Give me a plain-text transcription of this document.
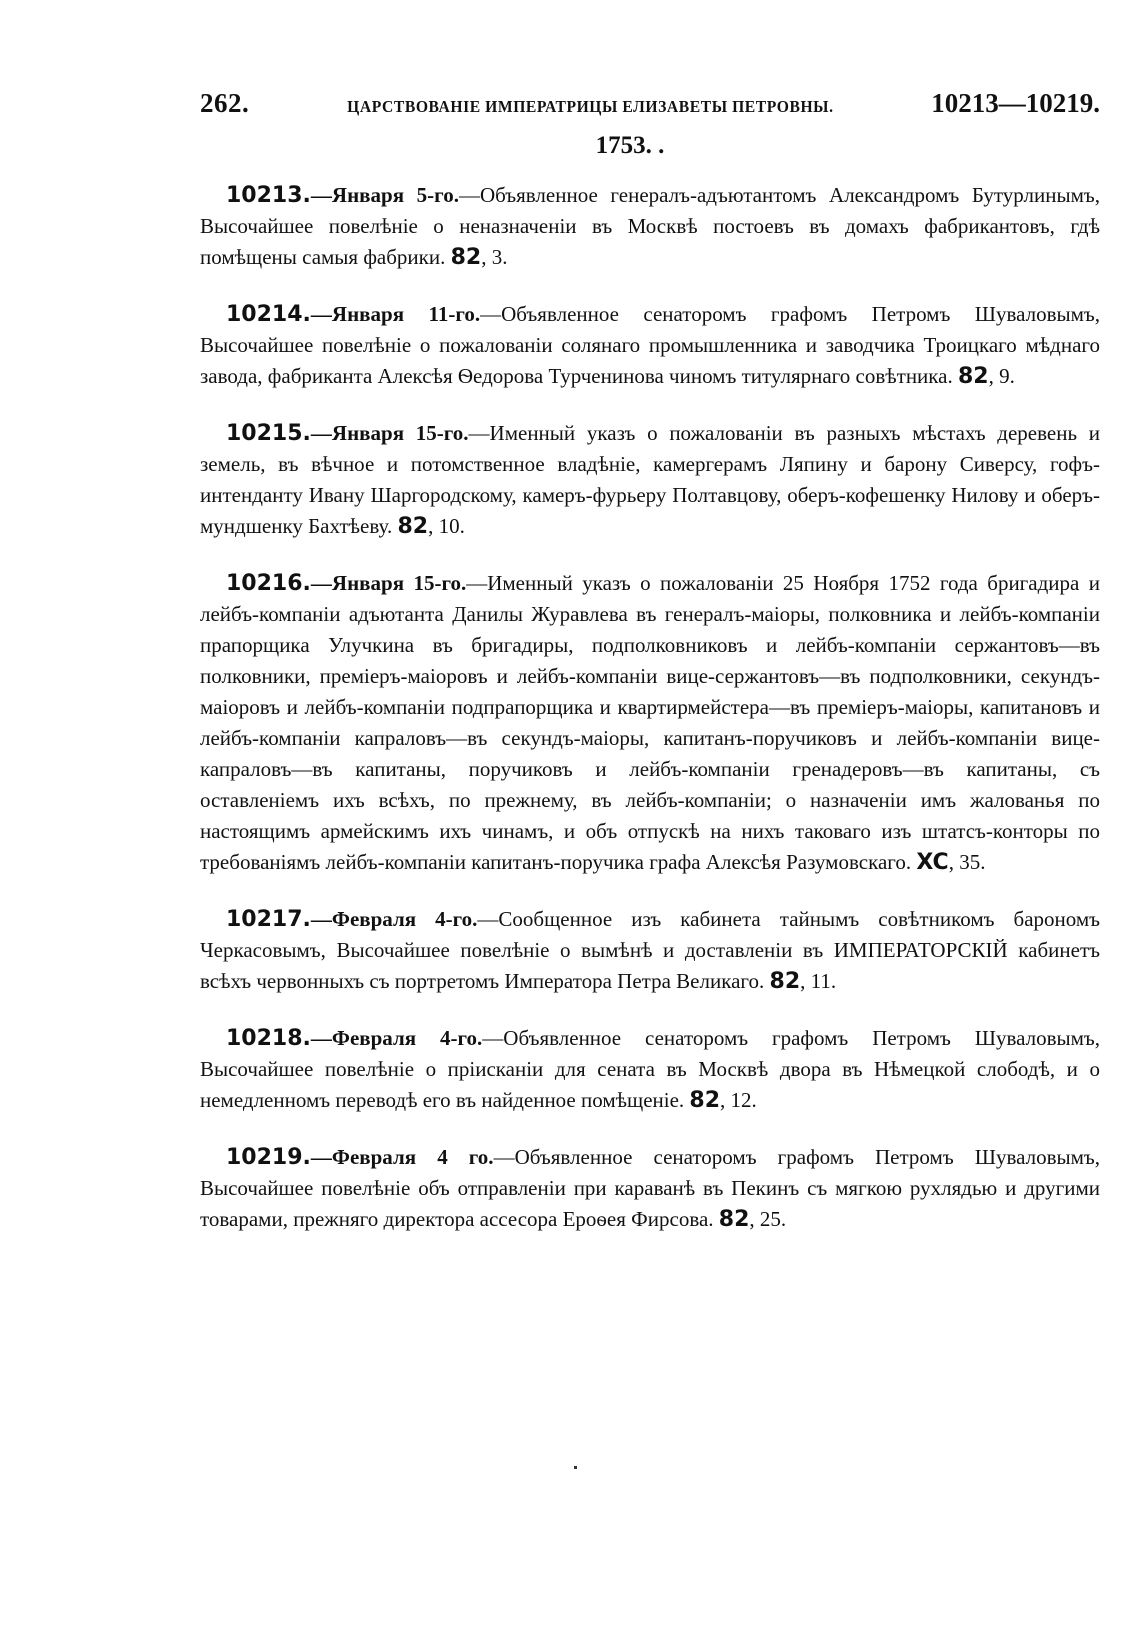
262.	ЦАРСТВОВАНІЕ ИМПЕРАТРИЦЫ ЕЛИЗАВЕТЫ ПЕТРОВНЫ.	10213—10219.
1753. .

10213.—Января 5-го.—Объявленное генералъ-адъютантомъ Александромъ Бутурлинымъ, Высочайшее повелѣніе о неназначеніи въ Москвѣ постоевъ въ домахъ фабрикантовъ, гдѣ помѣщены самыя фабрики. 82, 3.

10214.—Января 11-го.—Объявленное сенаторомъ графомъ Петромъ Шуваловымъ, Высочайшее повелѣніе о пожалованіи солянаго промышленника и заводчика Троицкаго мѣднаго завода, фабриканта Алексѣя Ѳедорова Турченинова чиномъ титулярнаго совѣтника. 82, 9.

10215.—Января 15-го.—Именный указъ о пожалованіи въ разныхъ мѣстахъ деревень и земель, въ вѣчное и потомственное владѣніе, камергерамъ Ляпину и барону Сиверсу, гофъ-интенданту Ивану Шаргородскому, камеръ-фурьеру Полтавцову, оберъ-кофешенку Нилову и оберъ-мундшенку Бахтѣеву. 82, 10.

10216.—Января 15-го.—Именный указъ о пожалованіи 25 Ноября 1752 года бригадира и лейбъ-компаніи адъютанта Данилы Журавлева въ генералъ-маіоры, полковника и лейбъ-компаніи прапорщика Улучкина въ бригадиры, подполковниковъ и лейбъ-компаніи сержантовъ—въ полковники, преміеръ-маіоровъ и лейбъ-компаніи вице-сержантовъ—въ подполковники, секундъ-маіоровъ и лейбъ-компаніи подпрапорщика и квартирмейстера—въ преміеръ-маіоры, капитановъ и лейбъ-компаніи капраловъ—въ секундъ-маіоры, капитанъ-поручиковъ и лейбъ-компаніи вице-капраловъ—въ капитаны, поручиковъ и лейбъ-компаніи гренадеровъ—въ капитаны, съ оставленіемъ ихъ всѣхъ, по прежнему, въ лейбъ-компаніи; о назначеніи имъ жалованья по настоящимъ армейскимъ ихъ чинамъ, и объ отпускѣ на нихъ таковаго изъ штатсъ-конторы по требованіямъ лейбъ-компаніи капитанъ-поручика графа Алексѣя Разумовскаго. XC, 35.

10217.—Февраля 4-го.—Сообщенное изъ кабинета тайнымъ совѣтникомъ барономъ Черкасовымъ, Высочайшее повелѣніе о вымѣнѣ и доставленіи въ ИМПЕРАТОРСКІЙ кабинетъ всѣхъ червонныхъ съ портретомъ Императора Петра Великаго. 82, 11.

10218.—Февраля 4-го.—Объявленное сенаторомъ графомъ Петромъ Шуваловымъ, Высочайшее повелѣніе о пріисканіи для сената въ Москвѣ двора въ Нѣмецкой слободѣ, и о немедленномъ переводѣ его въ найденное помѣщеніе. 82, 12.

10219.—Февраля 4 го.—Объявленное сенаторомъ графомъ Петромъ Шуваловымъ, Высочайшее повелѣніе объ отправленіи при караванѣ въ Пекинъ съ мягкою рухлядью и другими товарами, прежняго директора ассесора Ероѳея Фирсова. 82, 25.
